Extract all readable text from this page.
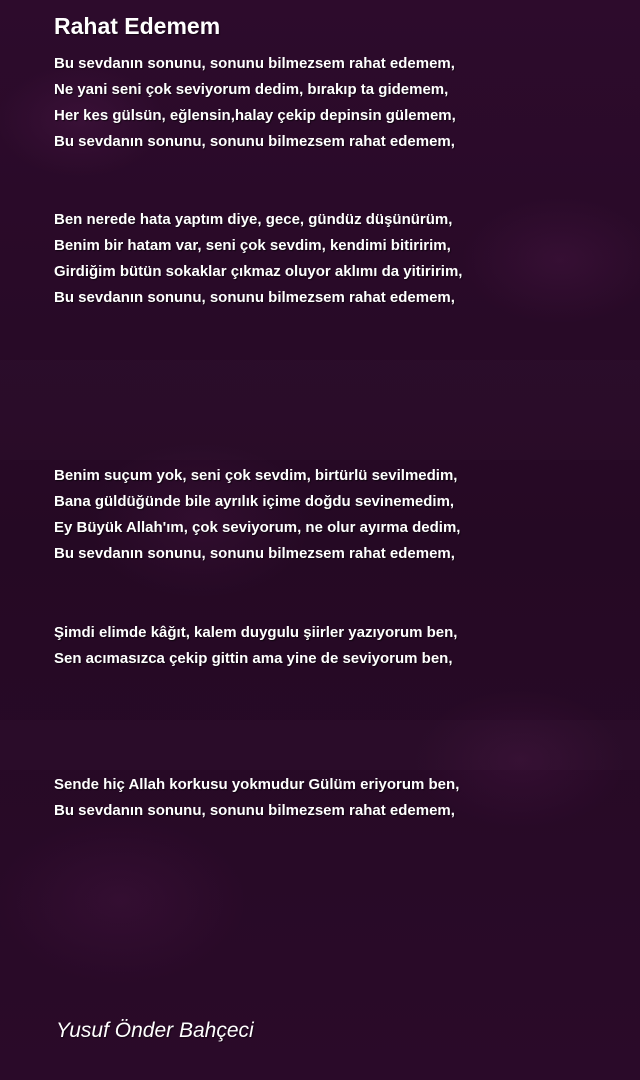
Rahat Edemem
Bu sevdanın sonunu, sonunu bilmezsem rahat edemem,
Ne yani seni çok seviyorum dedim, bırakıp ta gidemem,
Her kes gülsün, eğlensin,halay çekip depinsin gülemem,
Bu sevdanın sonunu, sonunu bilmezsem rahat edemem,
Ben nerede hata yaptım diye, gece, gündüz düşünürüm,
Benim bir hatam var, seni çok sevdim, kendimi bitiririm,
Girdiğim bütün sokaklar çıkmaz oluyor aklımı da yitiririm,
Bu sevdanın sonunu, sonunu bilmezsem rahat edemem,
Benim suçum yok, seni çok sevdim, birtürlü sevilmedim,
Bana güldüğünde bile ayrılık içime doğdu sevinemedim,
Ey Büyük Allah'ım, çok seviyorum, ne olur ayırma dedim,
Bu sevdanın sonunu, sonunu bilmezsem rahat edemem,
Şimdi elimde kâğıt, kalem duygulu şiirler yazıyorum ben,
Sen acımasızca çekip gittin ama yine de seviyorum ben,
Sende hiç Allah korkusu yokmudur Gülüm eriyorum ben,
Bu sevdanın sonunu, sonunu bilmezsem rahat edemem,
Yusuf Önder Bahçeci
